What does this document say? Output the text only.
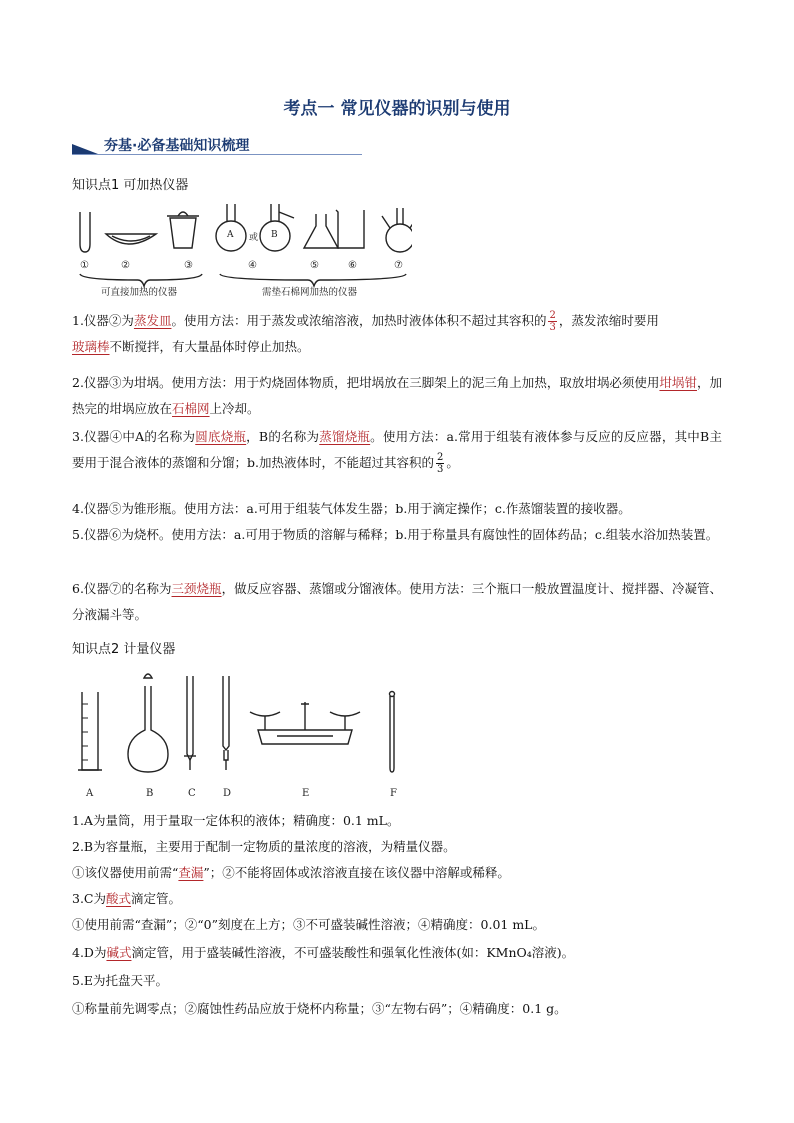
考点一 常见仪器的识别与使用
夯基·必备基础知识梳理
知识点1 可加热仪器
①	②	③	④	⑤	⑥	⑦
A 或 B
可直接加热的仪器	需垫石棉网加热的仪器
1.仪器②为蒸发皿。使用方法：用于蒸发或浓缩溶液，加热时液体体积不超过其容积的 $\frac{2}{3}$ ，蒸发浓缩时要用
玻璃棒不断搅拌，有大量晶体时停止加热。
2.仪器③为坩埚。使用方法：用于灼烧固体物质，把坩埚放在三脚架上的泥三角上加热，取放坩埚必须使用坩埚钳，加热完的坩埚应放在石棉网上冷却。
3.仪器④中A的名称为圆底烧瓶，B的名称为蒸馏烧瓶。使用方法：a.常用于组装有液体参与反应的反应器，其中B主要用于混合液体的蒸馏和分馏；b.加热液体时，不能超过其容积的 $\frac{2}{3}$ 。
4.仪器⑤为锥形瓶。使用方法：a.可用于组装气体发生器；b.用于滴定操作；c.作蒸馏装置的接收器。
5.仪器⑥为烧杯。使用方法：a.可用于物质的溶解与稀释；b.用于称量具有腐蚀性的固体药品；c.组装水浴加热装置。
6.仪器⑦的名称为三颈烧瓶，做反应容器、蒸馏或分馏液体。使用方法：三个瓶口一般放置温度计、搅拌器、冷凝管、分液漏斗等。
知识点2 计量仪器
A	B	C	D	E	F
1.A为量筒，用于量取一定体积的液体；精确度：0.1 mL。
2.B为容量瓶，主要用于配制一定物质的量浓度的溶液，为精量仪器。
①该仪器使用前需“查漏”；②不能将固体或浓溶液直接在该仪器中溶解或稀释。
3.C为酸式滴定管。
①使用前需“查漏”；②“0”刻度在上方；③不可盛装碱性溶液；④精确度：0.01 mL。
4.D为碱式滴定管，用于盛装碱性溶液，不可盛装酸性和强氧化性液体(如：KMnO₄溶液)。
5.E为托盘天平。
①称量前先调零点；②腐蚀性药品应放于烧杯内称量；③“左物右码”；④精确度：0.1 g。
